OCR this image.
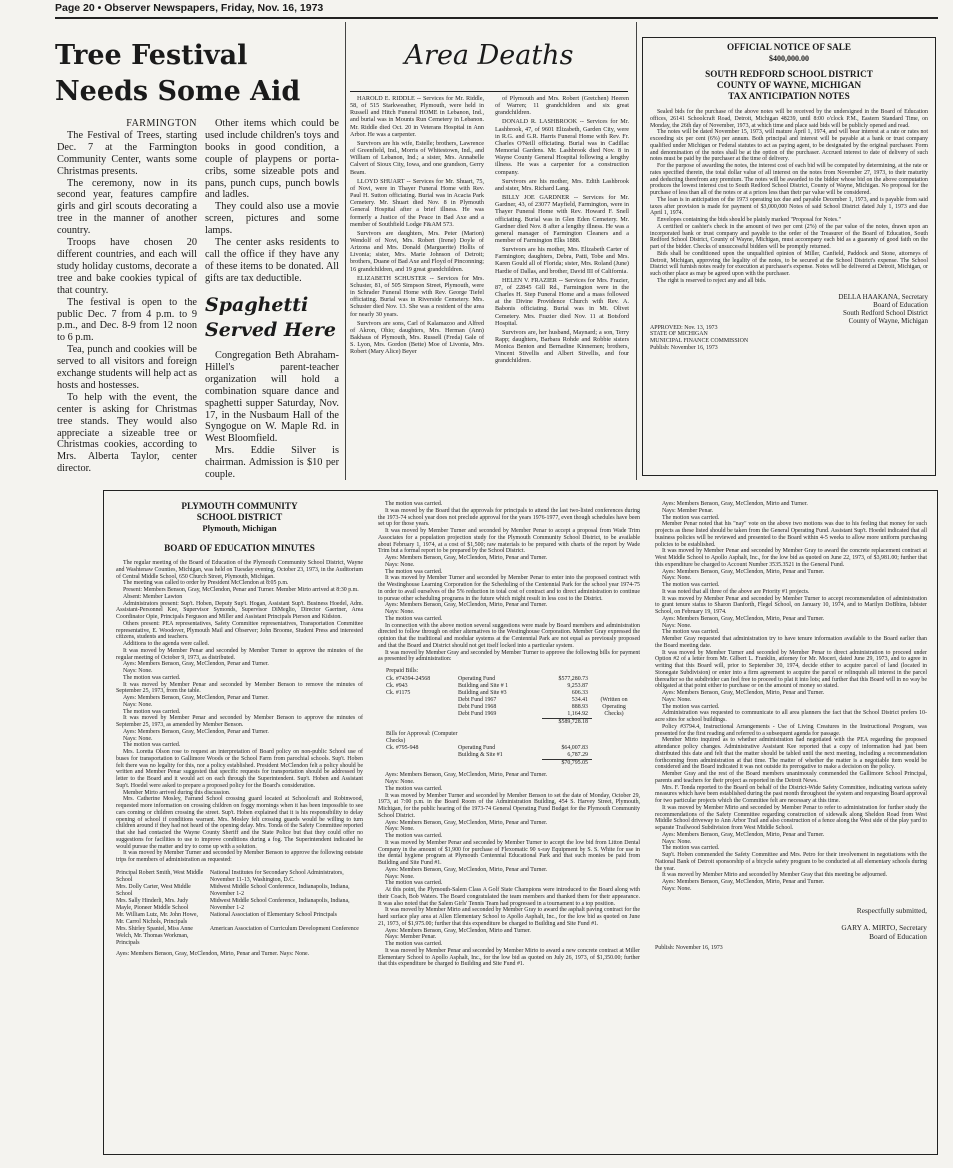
Page 20 • Observer Newspapers, Friday, Nov. 16, 1973
Tree Festival
Needs Some Aid
FARMINGTON

The Festival of Trees, starting Dec. 7 at the Farmington Community Center, wants some Christmas presents.

The ceremony, now in its second year, features campfire girls and girl scouts decorating a tree in the manner of another country.

Troops have chosen 20 different countries, and each will study holiday customs, decorate a tree and bake cookies typical of that country.

The festival is open to the public Dec. 7 from 4 p.m. to 9 p.m., and Dec. 8-9 from 12 noon to 6 p.m.

Tea, punch and cookies will be served to all visitors and foreign exchange students will help act as hosts and hostesses.

To help with the event, the center is asking for Christmas tree stands. They would also appreciate a sizeable tree or Christmas cookies, according to Mrs. Alberta Taylor, center director.

Other items which could be used include children's toys and books in good condition, a couple of playpens or porta-cribs, some sizeable pots and pans, punch cups, punch bowls and ladles.

They could also use a movie screen, pictures and some lamps.

The center asks residents to call the office if they have any of these items to be donated. All gifts are tax deductible.

Spaghetti
Served Here

Congregation Beth Abraham-Hillel's parent-teacher organization will hold a combination square dance and spaghetti supper Saturday, Nov. 17, in the Nusbaum Hall of the Syngogue on W. Maple Rd. in West Bloomfield.

Mrs. Eddie Silver is chairman. Admission is $10 per couple.

Area Deaths

HAROLD E. RIDDLE -- Services for Mr. Riddle, 58, of 515 Starkweather, Plymouth, were held in Russell and Hitch Funeral HOME in Lebanon, Ind., and burial was in Mounts Run Cemetery in Lebanon. Mr. Riddle died Oct. 20 in Veterans Hospital in Ann Arbor. He was a carpenter.

Survivors are his wife, Estelle; brothers, Lawrence of Greenfield, Ind., Morris of Whitestown, Ind., and William of Lebanon, Ind.; a sister, Mrs. Annabelle Calvert of Sioux City, Iowa, and one grandson, Gerry Beam.

LLOYD SHUART -- Services for Mr. Shuart, 75, of Novi, were in Thayer Funeral Home with Rev. Paul H. Sutton officiating. Burial was in Acacia Park Cemetery. Mr. Shuart died Nov. 8 in Plymouth General Hospital after a brief illness. He was formerly a Justice of the Peace in Bad Axe and a member of Southfield Lodge F&AM 573.

Survivors are daughters, Mrs. Peter (Marion) Wendolf of Novi, Mrs. Robert (Irene) Doyle of Arizona and Mrs. Donald (Marguerite) Hollis of Livonia; sister, Mrs. Marie Johnson of Detroit; brothers, Duane of Bad Axe and Floyd of Pinconning; 16 grandchildren, and 19 great grandchildren.

ELIZABETH SCHUSTER -- Services for Mrs. Schuster, 81, of 505 Simpson Street, Plymouth, were in Schrader Funeral Home with Rev. George Tiefel officiating. Burial was in Riverside Cemetery. Mrs. Schuster died Nov. 13. She was a resident of the area for nearly 30 years.

Survivors are sons, Carl of Kalamazoo and Alfred of Akron, Ohio; daughters, Mrs. Herman (Ann) Bakhaus of Plymouth, Mrs. Russell (Freda) Gale of S. Lyon, Mrs. Gordon (Bette) Moe of Livonia, Mrs. Robert (Mary Alice) Beyer

of Plymouth and Mrs. Robert (Gretchen) Heeren of Warren; 11 grandchildren and six great grandchildren.

DONALD R. LASHBROOK -- Services for Mr. Lashbrook, 47, of 9601 Elizabeth, Garden City, were in R.G. and G.R. Harris Funeral Home with Rev. Fr. Charles O'Neill officiating. Burial was in Cadillac Memorial Gardens. Mr. Lashbrook died Nov. 8 in Wayne County General Hospital following a lengthy illness. He was a carpenter for a construction company.

Survivors are his mother, Mrs. Edith Lashbrook and sister, Mrs. Richard Lang.

BILLY JOE GARDNER -- Services for Mr. Gardner, 43, of 23077 Mayfield, Farmington, were in Thayer Funeral Home with Rev. Howard F. Snell officiating. Burial was in Glen Eden Cemetery. Mr. Gardner died Nov. 8 after a lengthy illness. He was a general manager of Farmington Cleaners and a member of Farmington Elks 1888.

Survivors are his mother, Mrs. Elizabeth Carter of Farmington; daughters, Debra, Patti, Tobe and Mrs. Karen Gould all of Florida; sister, Mrs. Roland (June) Hardie of Dallas, and brother, David III of California.

HELEN V. FRAZIER -- Services for Mrs. Frazier, 87, of 22845 Gill Rd., Farmington were in the Charles H. Step Funeral Home and a mass followed at the Divine Providence Church with Rev. A. Babonis officiating. Burial was in Mt. Olivet Cemetery. Mrs. Frazier died Nov. 11 at Botsford Hospital.

Survivors are, her husband, Maynard; a son, Terry Rapp; daughters, Barbara Rohde and Robbie sisters Monica Benton and Bernadine Kinnemen; brothers, Vincent Stivellis and Albert Stivellis, and four grandchildren.

OFFICIAL NOTICE OF SALE
$400,000.00
SOUTH REDFORD SCHOOL DISTRICT
COUNTY OF WAYNE, MICHIGAN
TAX ANTICIPATION NOTES

Sealed bids for the purchase of the above notes will be received by the undersigned in the Board of Education offices, 26141 Schoolcraft Road, Detroit, Michigan 48239, until 8:00 o'clock P.M., Eastern Standard Time, on Monday, the 26th day of November, 1973, at which time and place said bids will be publicly opened and read.

The notes will be dated November 15, 1973, will mature April 1, 1974, and will bear interest at a rate or rates not exceeding six per cent (6%) per annum. Both principal and interest will be payable at a bank or trust company qualified under Michigan or Federal statutes to act as paying agent, to be designated by the original purchaser. Form and denomination of the notes shall be at the option of the purchaser. Accrued interest to date of delivery of such notes must be paid by the purchaser at the time of delivery.

For the purpose of awarding the notes, the interest cost of each bid will be computed by determining, at the rate or rates specified therein, the total dollar value of all interest on the notes from November 27, 1973, to their maturity and deducting therefrom any premium. The notes will be awarded to the bidder whose bid on the above computation produces the lowest interest cost to South Redford School District, County of Wayne, Michigan. No proposal for the purchase of less than all of the notes or at a prices less than their par value will be considered.

The loan is in anticipation of the 1973 operating tax due and payable December 1, 1973, and is payable from said taxes after provision is made for payment of $3,000,000 Notes of said School District dated July 1, 1973 and due April 1, 1974.

Envelopes containing the bids should be plainly marked "Proposal for Notes."

A certified or cashier's check in the amount of two per cent (2%) of the par value of the notes, drawn upon an incorporated bank or trust company and payable to the order of the Treasurer of the Board of Education, South Redford School District, County of Wayne, Michigan, must accompany each bid as a guaranty of good faith on the part of the bidder. Checks of unsuccessful bidders will be promptly returned.

Bids shall be conditioned upon the unqualified opinion of Miller, Canfield, Paddock and Stone, attorneys of Detroit, Michigan, approving the legality of the notes, to be secured at the School District's expense. The School District will furnish notes ready for execution at purchaser's expense. Notes will be delivered at Detroit, Michigan, or such other place as may be agreed upon with the purchaser.

The right is reserved to reject any and all bids.

DELLA HAAKANA, Secretary
Board of Education
South Redford School District
County of Wayne, Michigan
APPROVED: Nov. 13, 1973
STATE OF MICHIGAN
MUNICIPAL FINANCE COMMISSION
Publish: November 16, 1973
PLYMOUTH COMMUNITY
SCHOOL DISTRICT
Plymouth, Michigan
BOARD OF EDUCATION MINUTES

The regular meeting of the Board of Education of the Plymouth Community School District, Wayne and Washtenaw Counties, Michigan, was held on Tuesday evening, October 23, 1973, in the Auditorium of Central Middle School, 650 Church Street, Plymouth, Michigan.

The meeting was called to order by President McClendon at 8:05 p.m.

Present: Members Benson, Gray, McClendon, Penar and Turner. Member Mirto arrived at 8:30 p.m.

Absent: Member Lawton

Administrators present: Sup't. Hoben, Deputy Sup't. Hogan, Assistant Sup't. Business Hoedel, Adm. Assistant-Personnel Kee, Supervisor Symonds, Supervisor DiMeglio, Director Gaertner, Area Coordinator Opie, Principals Ferguson and Miller and Assistant Principals Pierson and Kidston.

Others present: PEA representatives, Safety Committee representatives, Transportation Committee representative, E. Woodover, Plymouth Mail and Observer; John Broome, Student Press and interested citizens, students and teachers.

Additions to the agenda were called.

It was moved by Member Penar and seconded by Member Turner to approve the minutes of the regular meeting of October 9, 1973, as distributed.

Ayes: Members Benson, Gray, McClendon, Penar and Turner.

Nays: None.

The motion was carried.

It was moved by Member Penar and seconded by Member Benson to remove the minutes of September 25, 1973, from the table.

Ayes: Members Benson, Gray, McClendon, Penar and Turner.

Nays: None.

The motion was carried.

It was moved by Member Penar and seconded by Member Benson to approve the minutes of September 25, 1973, as amended by Member Benson.

Ayes: Members Benson, Gray, McClendon, Penar and Turner.

Nays: None.

The motion was carried.

Mrs. Loretta Olson rose to request an interpretation of Board policy on non-public School use of buses for transportation to Gallimore Woods or the School Farm from parochial schools. Sup't. Hoben felt there was no legality for this, nor a policy established. President McClendon felt a policy should be written and Member Penar suggested that specific requests for transportation should be addressed by letter to the Board and it would act on each through the Superintendent. Sup't. Hoben and Assistant Sup't. Hoedel were asked to prepare a proposed policy for the Board's consideration.

Member Mirto arrived during this discussion.

Mrs. Catherine Mosley, Farrand School crossing guard located at Schoolcraft and Robinwood, requested more information on crossing children on foggy mornings when it has been impossible to see cars coming or children crossing the street. Sup't. Hoben explained that it is his responsibility to delay opening of school if conditions warrant. Mrs. Mosley felt crossing guards would be willing to turn children around if they had not heard of the opening delay. Mrs. Tonda of the Safety Committee reported that she had contacted the Wayne County Sheriff and the State Police but that they could offer no suggestions for facilities to use to improve conditions during a fog. The Superintendent indicated he would pursue the matter and try to come up with a solution.

It was moved by Member Turner and seconded by Member Benson to approve the following outstate trips for members of administration as requested:

Principal Robert Smith, West Middle School	National Institutes for Secondary School Administrators, November 11-13, Washington, D.C.
Mrs. Dolly Carter, West Middle School	Midwest Middle School Conference, Indianapolis, Indiana, November 1-2
Mrs. Sally Hinderli, Mrs. Judy Mayle, Pioneer Middle School	Midwest Middle School Conference, Indianapolis, Indiana, November 1-2
Mr. William Lutz, Mr. John Howe, Mr. Carrol Nichols, Principals	National Association of Elementary School Principals
Mrs. Shirley Spaniel, Miss Anne Welch, Mr. Thomas Workman, Principals	American Association of Curriculum Development Conference
Ayes: Members Benson, Gray, McClendon, Mirto, Penar and Turner. Nays: None.

The motion was carried.

It was moved by the Board that the approvals for principals to attend the last two-listed conferences during the 1973-74 school year does not preclude approval for the years 1976-1977, even though schedules have been set up for those years.

It was moved by Member Turner and seconded by Member Penar to accept a proposal from Wade Trim Associates for a population projection study for the Plymouth Community School District, to be available about February 1, 1974, at a cost of $1,500; raw materials to be prepared with charts of the report by Wade Trim but a formal report to be prepared by the School District.

Ayes: Members Benson, Gray, McClendon, Mirto, Penar and Turner.

Nays: None.

The motion was carried.

It was moved by Member Turner and seconded by Member Penar to enter into the proposed contract with the Westinghouse Learning Corporation for the Scheduling of the Centennial Park for the school year 1974-75 in order to avail ourselves of the 5% reduction in total cost of contract and to direct administration to continue to pursue other scheduling programs in the future which might result in less cost to the District.

Ayes: Members Benson, Gray, McClendon, Mirto, Penar and Turner.

Nays: None.

The motion was carried.

In connection with the above motion several suggestions were made by Board members and administration directed to follow through on other alternatives to the Westinghouse Corporation. Member Gray expressed the opinion that the traditional and modular systems at the Centennial Park are not equal as previously proposed and that the Board and District should not get itself locked into a particular system.

It was moved by Member Gray and seconded by Member Turner to approve the following bills for payment as presented by administration:

Prepaid Bills:
Ck. #74394-24568	Operating Fund	$577,280.73	
Ck. #943	Building and Site # 1	9,253.87	
Ck. #1175	Building and Site #3	606.33	
	Debt Fund 1967	534.41	(Written on Operating Checks)
	Debt Fund 1968	888.93	
	Debt Fund 1969	1,164.92	
		$589,728.18	
Bills for Approval: (Computer Checks)
Ck. #795-948	Operating Fund	$64,007.83
	Building & Site #1	6,787.29
		$70,795.05

Ayes: Members Benson, Gray, McClendon, Mirto, Penar and Turner.

Nays: None.

The motion was carried.

It was moved by Member Turner and seconded by Member Benson to set the date of Monday, October 29, 1973, at 7:00 p.m. in the Board Room of the Administration Building, 454 S. Harvey Street, Plymouth, Michigan, for the public hearing of the 1973-74 General Operating Fund Budget for the Plymouth Community School District.

Ayes: Members Benson, Gray, McClendon, Mirto, Penar and Turner.

Nays: None.

The motion was carried.

It was moved by Member Penar and seconded by Member Turner to accept the low bid from Litton Dental Company in the amount of $1,900 for purchase of Flexomatic 90 x-ray Equipment by S. S. White for use in the dental hygiene program at Plymouth Centennial Educational Park and that such monies be paid from Building and Site Fund #1.

Ayes: Members Benson, Gray, McClendon, Mirto, Penar and Turner.

Nays: None.

The motion was carried.

At this point, the Plymouth-Salem Class A Golf State Champions were introduced to the Board along with their Coach, Bob Waters. The Board congratulated the team members and thanked them for their appearance. It was also noted that the Salem Girls' Tennis Team had progressed in a tournament to a top position.

It was moved by Member Mirto and seconded by Member Gray to award the asphalt paving contract for the hard surface play area at Allen Elementary School to Apollo Asphalt, Inc., for the low bid as quoted on June 21, 1973, of $1,975.00; further that this expenditure be charged to Building and Site Fund #1.

Ayes: Members Benson, Gray, McClendon, Mirto and Turner.

Nays: Member Penar.

The motion was carried.

It was moved by Member Penar and seconded by Member Mirto to award a new concrete contract at Miller Elementary School to Apollo Asphalt, Inc., for the low bid as quoted on July 26, 1973, of $1,350.00; further that this expenditure be charged to Building and Site Fund #1.

Ayes: Members Benson, Gray, McClendon, Mirto and Turner.

Nays: Member Penar.

The motion was carried.

Member Penar noted that his "nay" vote on the above two motions was due to his feeling that money for such projects as these listed should be taken from the General Operating Fund. Assistant Sup't. Hoedel indicated that all business policies will be reviewed and presented to the Board within 4-5 weeks to allow more uniform purchasing policies to be established.

It was moved by Member Penar and seconded by Member Gray to award the concrete replacement contract at West Middle School to Apollo Asphalt, Inc., for the low bid as quoted on June 22, 1973, of $3,981.00; further that this expenditure be charged to Account Number 3535.3521 in the General Fund.

Ayes: Members Benson, Gray, McClendon, Mirto, Penar and Turner.

Nays: None.

The motion was carried.

It was noted that all three of the above are Priority #1 projects.

It was moved by Member Penar and seconded by Member Turner to accept recommendation of administration to grant tenure status to Sharon Danforth, Flegel School, on January 10, 1974, and to Marilyn DoBbins, Isbister School, on February 19, 1974.

Ayes: Members Benson, Gray, McClendon, Mirto, Penar and Turner.

Nays: None.

The motion was carried.

Member Gray requested that administration try to have tenure information available to the Board earlier than the Board meeting date.

It was moved by Member Turner and seconded by Member Penar to direct administration to proceed under Option #2 of a letter from Mr. Gilbert L. Franklin, attorney for Mr. Moceri, dated June 29, 1973, and to agree in writing that this Board will, prior to September 30, 1974, decide either to acquire parcel of land (located in Stonegate Subdivision) or enter into a firm agreement to acquire the parcel or relinquish all interest in the parcel thereafter so the subdivider can feel free to proceed to plat it into lots; and further that this Board will in no way be obligated at that point either to purchase or on the amount of money so stated.

Ayes: Members Benson, Gray, McClendon, Mirto, Penar and Turner.

Nays: None.

The motion was carried.

Administration was requested to communicate to all area planners the fact that the School District prefers 10-acre sites for school buildings.

Policy #3794.4, Instructional Arrangements - Use of Living Creatures in the Instructional Program, was presented for the first reading and referred to a subsequent agenda for passage.

Member Mirto inquired as to whether administration had negotiated with the PEA regarding the proposed attendance policy changes. Administrative Assistant Kee reported that a copy of information had just been distributed this date and felt that the matter should be tabled until the next meeting, including a recommendation forthcoming from administration at that time. The matter of whether the matter is a negotiable item would be considered and the Board indicated it was not outside its prerogative to make a decision on the policy.

Member Gray and the rest of the Board members unanimously commended the Gallimore School Principal, parents and teachers for their project as reported in the Detroit News.

Mrs. F. Tonda reported to the Board on behalf of the District-Wide Safety Committee, indicating various safety measures which have been established during the past month throughout the system and requesting Board approval for two particular projects which the Committee felt are necessary at this time.

It was moved by Member Mirto and seconded by Member Penar to refer to administration for further study the recommendations of the Safety Committee regarding construction of sidewalk along Sheldon Road from West Middle School driveway to Ann Arbor Trail and also construction of a fence along the West side of the play yard to separate Trailwood Subdivision from West Middle School.

Ayes: Members Benson, Gray, McClendon, Mirto, Penar and Turner.

Nays: None.

The motion was carried.

Sup't. Hoben commended the Safety Committee and Mrs. Petro for their involvement in negotiations with the National Bank of Detroit sponsorship of a bicycle safety program to be conducted at all elementary schools during the year.

It was moved by Member Mirto and seconded by Member Gray that this meeting be adjourned.

Ayes: Members Benson, Gray, McClendon, Mirto, Penar and Turner.

Nays: None.

Respectfully submitted,
GARY A. MIRTO, Secretary
Board of Education
Publish: November 16, 1973
